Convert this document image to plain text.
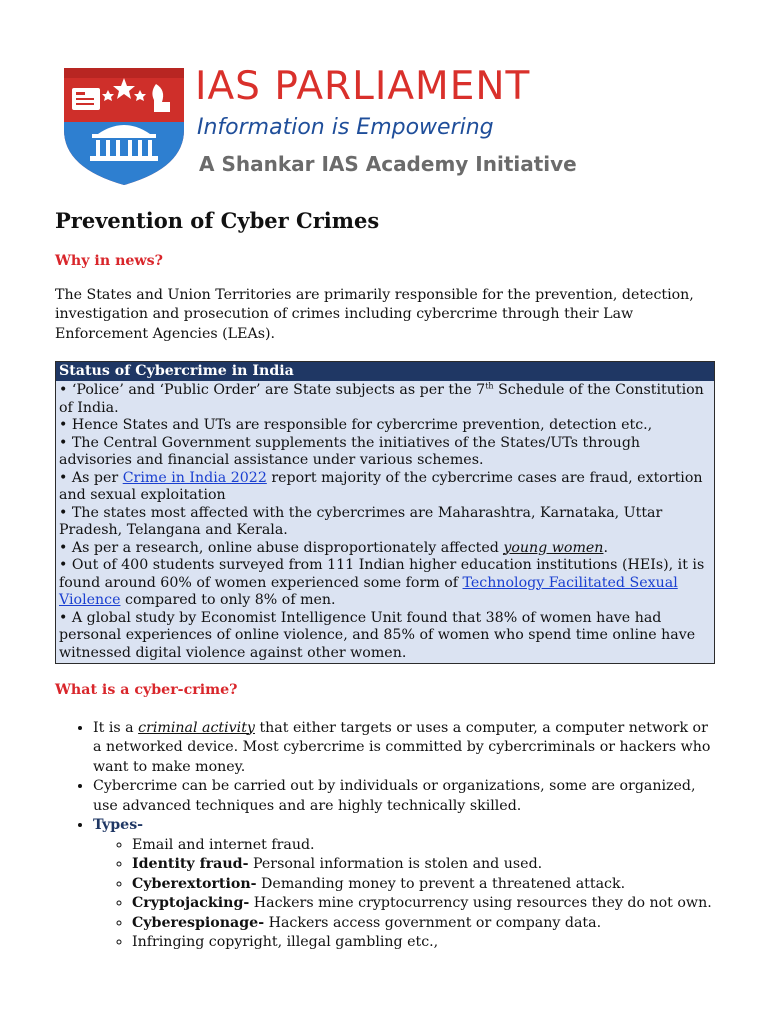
IAS PARLIAMENT
Information is Empowering
A Shankar IAS Academy Initiative
Prevention of Cyber Crimes
Why in news?

The States and Union Territories are primarily responsible for the prevention, detection, investigation and prosecution of crimes including cybercrime through their Law Enforcement Agencies (LEAs).

Status of Cybercrime in India
• ‘Police’ and ‘Public Order’ are State subjects as per the 7th Schedule of the Constitution of India.
• Hence States and UTs are responsible for cybercrime prevention, detection etc.,
• The Central Government supplements the initiatives of the States/UTs through advisories and financial assistance under various schemes.
• As per Crime in India 2022 report majority of the cybercrime cases are fraud, extortion and sexual exploitation
• The states most affected with the cybercrimes are Maharashtra, Karnataka, Uttar Pradesh, Telangana and Kerala.
• As per a research, online abuse disproportionately affected young women.
• Out of 400 students surveyed from 111 Indian higher education institutions (HEIs), it is found around 60% of women experienced some form of Technology Facilitated Sexual Violence compared to only 8% of men.
• A global study by Economist Intelligence Unit found that 38% of women have had personal experiences of online violence, and 85% of women who spend time online have witnessed digital violence against other women.
What is a cyber-crime?
• It is a criminal activity that either targets or uses a computer, a computer network or a networked device. Most cybercrime is committed by cybercriminals or hackers who want to make money.
• Cybercrime can be carried out by individuals or organizations, some are organized, use advanced techniques and are highly technically skilled.
• Types-
◦ Email and internet fraud.
◦ Identity fraud- Personal information is stolen and used.
◦ Cyberextortion- Demanding money to prevent a threatened attack.
◦ Cryptojacking- Hackers mine cryptocurrency using resources they do not own.
◦ Cyberespionage- Hackers access government or company data.
◦ Infringing copyright, illegal gambling etc.,
